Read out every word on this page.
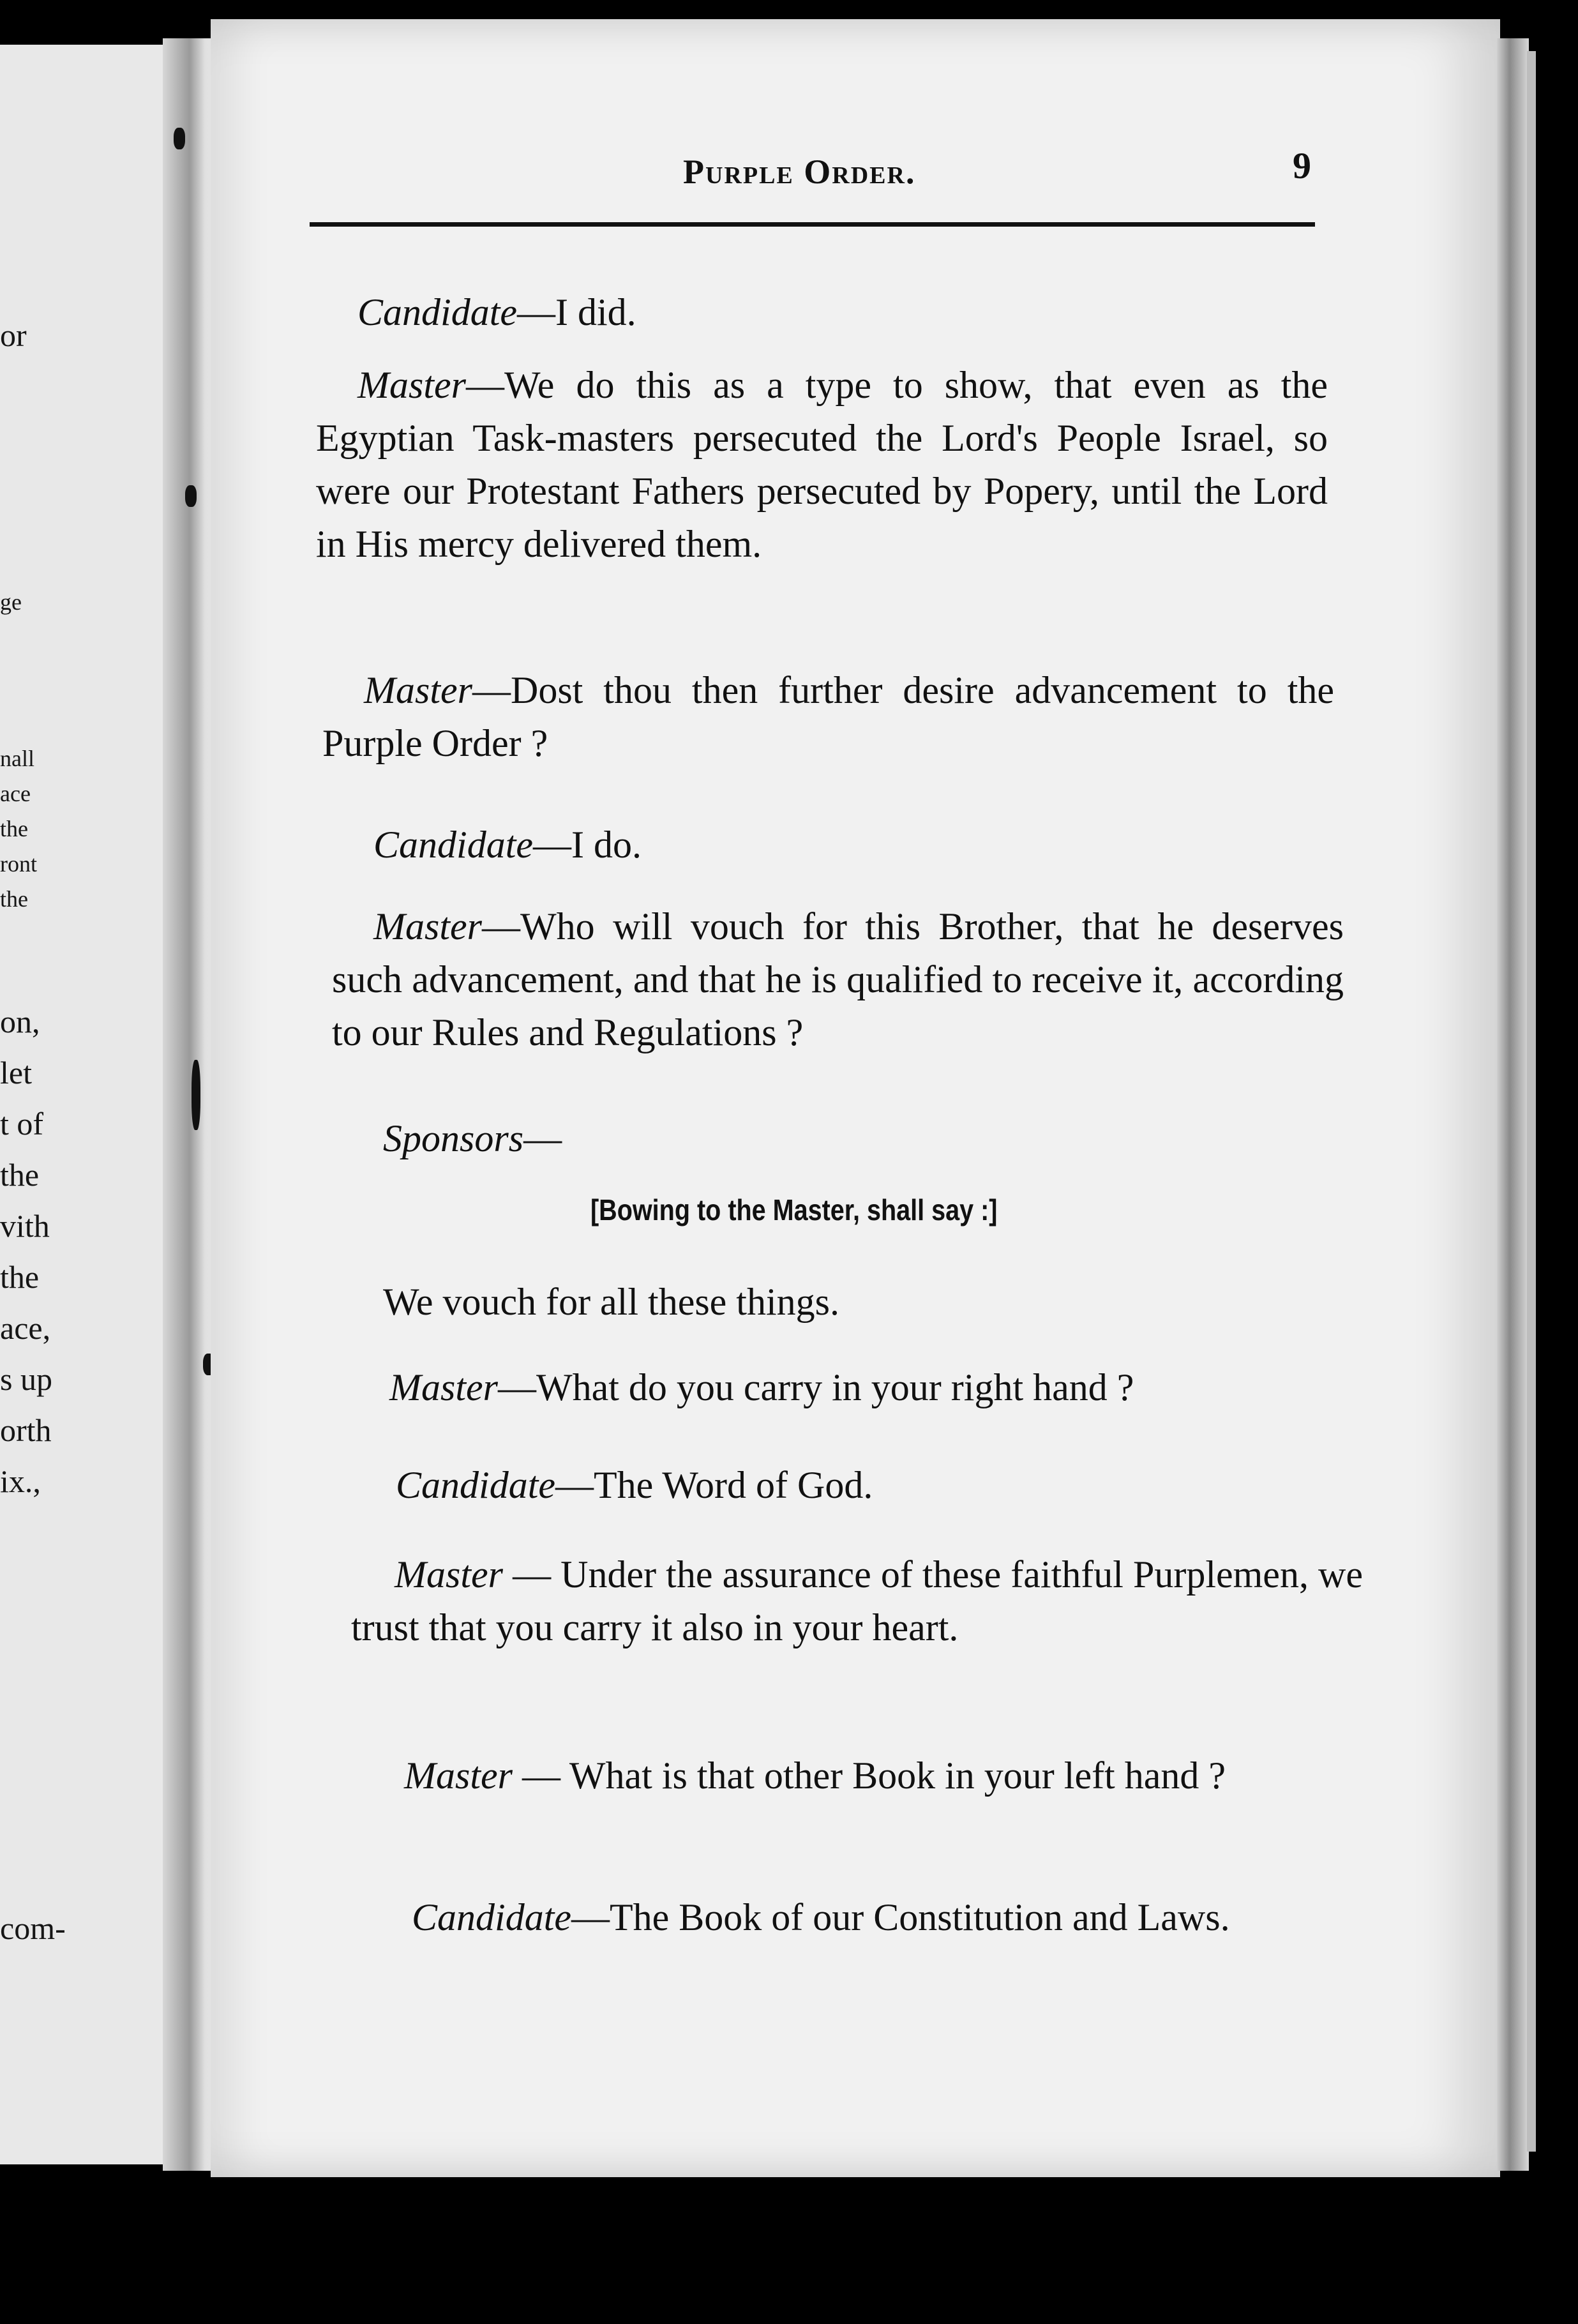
or
ge
nall
ace
the
ront
the
on,
let
t of
the
vith
the
ace,
s up
orth
ix.,
com-
Purple Order.	9

Candidate—I did.

Master—We do this as a type to show, that even as the Egyptian Task-masters persecuted the Lord's People Israel, so were our Protestant Fathers persecuted by Popery, until the Lord in His mercy delivered them.

Master—Dost thou then further desire advancement to the Purple Order ?

Candidate—I do.

Master—Who will vouch for this Brother, that he deserves such advancement, and that he is qualified to receive it, according to our Rules and Regulations ?

Sponsors—

[Bowing to the Master, shall say :]

We vouch for all these things.

Master—What do you carry in your right hand ?

Candidate—The Word of God.

Master — Under the assurance of these faithful Purplemen, we trust that you carry it also in your heart.

Master — What is that other Book in your left hand ?

Candidate—The Book of our Constitution and Laws.
